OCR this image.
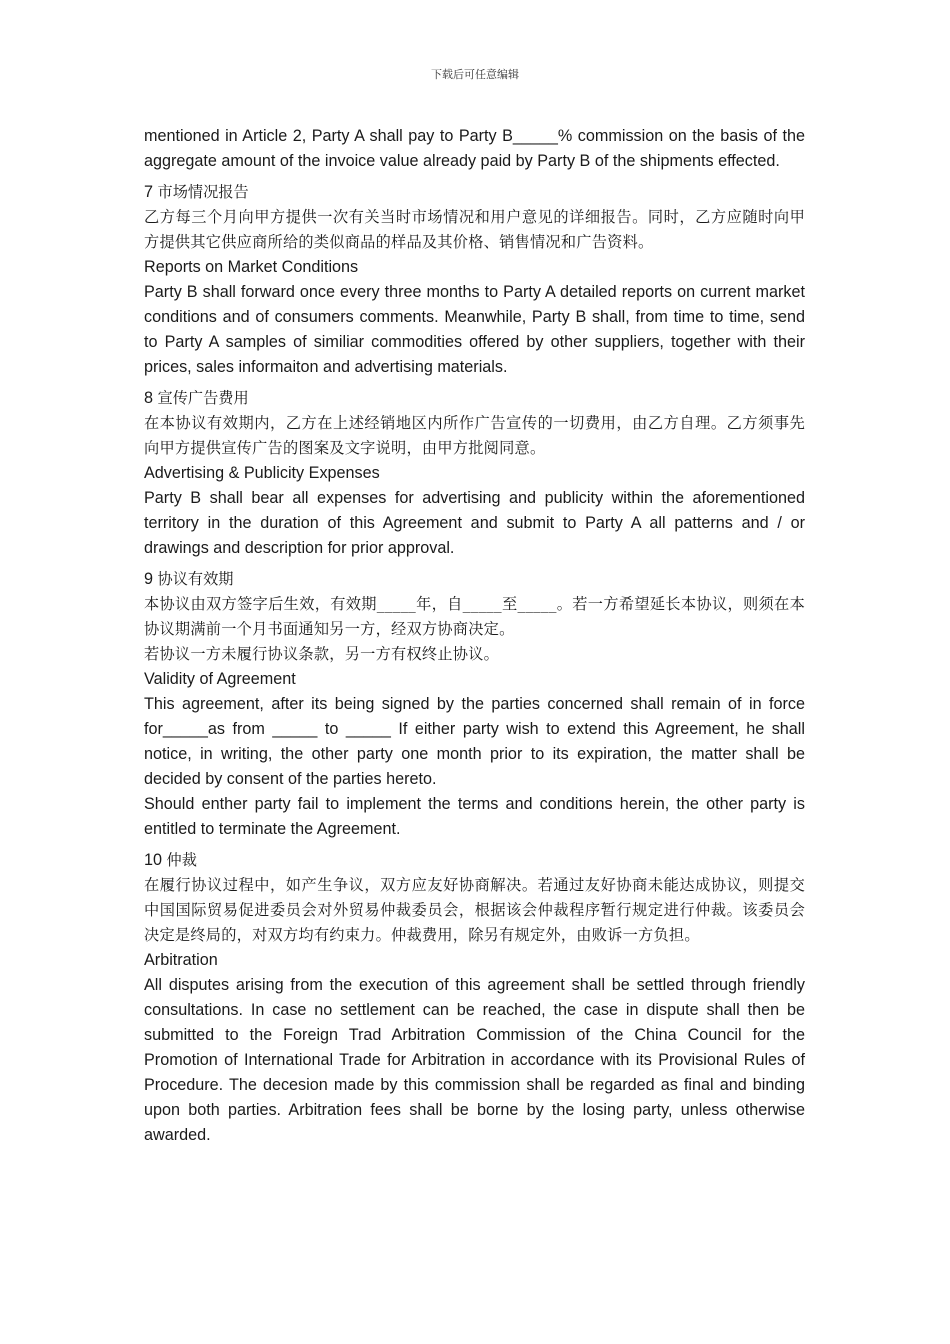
下载后可任意编辑

mentioned in Article 2, Party A shall pay to Party B_____% commission on the basis of the aggregate amount of the invoice value already paid by Party B of the shipments effected.

7 市场情况报告

乙方每三个月向甲方提供一次有关当时市场情况和用户意见的详细报告。同时，乙方应随时向甲方提供其它供应商所给的类似商品的样品及其价格、销售情况和广告资料。

Reports on Market Conditions

Party B shall forward once every three months to Party A detailed reports on current market conditions and of consumers comments. Meanwhile, Party B shall, from time to time, send to Party A samples of similiar commodities offered by other suppliers, together with their prices, sales informaiton and advertising materials.

8 宣传广告费用

在本协议有效期内，乙方在上述经销地区内所作广告宣传的一切费用，由乙方自理。乙方须事先向甲方提供宣传广告的图案及文字说明，由甲方批阅同意。

Advertising & Publicity Expenses

Party B shall bear all expenses for advertising and publicity within the aforementioned territory in the duration of this Agreement and submit to Party A all patterns and / or drawings and description for prior approval.

9 协议有效期

本协议由双方签字后生效，有效期_____年，自_____至_____。若一方希望延长本协议，则须在本协议期满前一个月书面通知另一方，经双方协商决定。

若协议一方未履行协议条款，另一方有权终止协议。

Validity of Agreement

This agreement, after its being signed by the parties concerned shall remain of in force for_____as from _____ to _____ If either party wish to extend this Agreement, he shall notice, in writing, the other party one month prior to its expiration, the matter shall be decided by consent of the parties hereto.

Should enther party fail to implement the terms and conditions herein, the other party is entitled to terminate the Agreement.

10 仲裁

在履行协议过程中，如产生争议，双方应友好协商解决。若通过友好协商未能达成协议，则提交中国国际贸易促进委员会对外贸易仲裁委员会，根据该会仲裁程序暂行规定进行仲裁。该委员会决定是终局的，对双方均有约束力。仲裁费用，除另有规定外，由败诉一方负担。

Arbitration

All disputes arising from the execution of this agreement shall be settled through friendly consultations. In case no settlement can be reached, the case in dispute shall then be submitted to the Foreign Trad Arbitration Commission of the China Council for the Promotion of International Trade for Arbitration in accordance with its Provisional Rules of Procedure. The decesion made by this commission shall be regarded as final and binding upon both parties. Arbitration fees shall be borne by the losing party, unless otherwise awarded.
